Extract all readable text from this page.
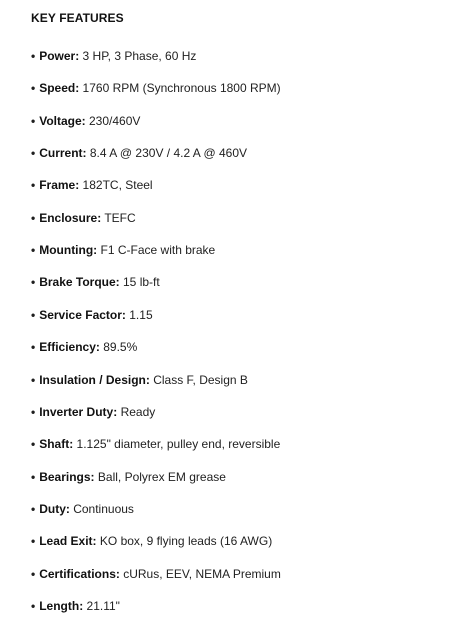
KEY FEATURES
• Power: 3 HP, 3 Phase, 60 Hz
• Speed: 1760 RPM (Synchronous 1800 RPM)
• Voltage: 230/460V
• Current: 8.4 A @ 230V / 4.2 A @ 460V
• Frame: 182TC, Steel
• Enclosure: TEFC
• Mounting: F1 C-Face with brake
• Brake Torque: 15 lb-ft
• Service Factor: 1.15
• Efficiency: 89.5%
• Insulation / Design: Class F, Design B
• Inverter Duty: Ready
• Shaft: 1.125" diameter, pulley end, reversible
• Bearings: Ball, Polyrex EM grease
• Duty: Continuous
• Lead Exit: KO box, 9 flying leads (16 AWG)
• Certifications: cURus, EEV, NEMA Premium
• Length: 21.11"
